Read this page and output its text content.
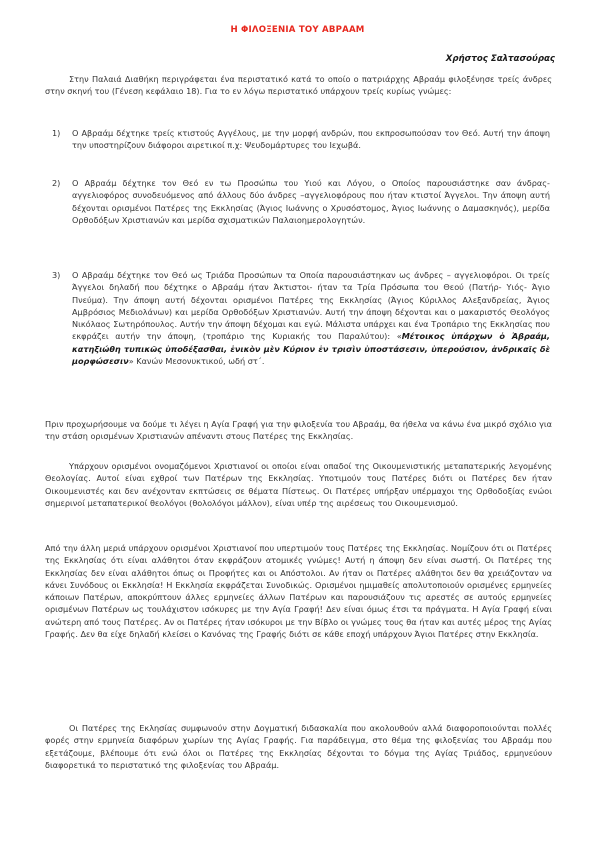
Η ΦΙΛΟΞΕΝΙΑ ΤΟΥ ΑΒΡΑΑΜ
Χρήστος Σαλτασούρας

Στην Παλαιά Διαθήκη περιγράφεται ένα περιστατικό κατά το οποίο ο πατριάρχης Αβραάμ φιλοξένησε τρείς άνδρες στην σκηνή του (Γένεση κεφάλαιο 18). Για το εν λόγω περιστατικό υπάρχουν τρείς κυρίως γνώμες:

1)	Ο Αβραάμ δέχτηκε τρείς κτιστούς Αγγέλους, με την μορφή ανδρών, που εκπροσωπούσαν τον Θεό. Αυτή την άποψη την υποστηρίζουν διάφοροι αιρετικοί π.χ: Ψευδομάρτυρες του Ιεχωβά.

2)	Ο Αβραάμ δέχτηκε τον Θεό εν τω Προσώπω του Υιού και Λόγου, ο Οποίος παρουσιάστηκε σαν άνδρας- αγγελιοφόρος συνοδευόμενος από άλλους δύο άνδρες –αγγελιοφόρους που ήταν κτιστοί Άγγελοι. Την άποψη αυτή δέχονται ορισμένοι Πατέρες της Εκκλησίας (Άγιος Ιωάννης ο Χρυσόστομος, Άγιος Ιωάννης ο Δαμασκηνός), μερίδα Ορθοδόξων Χριστιανών και μερίδα σχισματικών Παλαιοημερολογητών.

3)	Ο Αβραάμ δέχτηκε τον Θεό ως Τριάδα Προσώπων τα Οποία παρουσιάστηκαν ως άνδρες – αγγελιοφόροι. Οι τρείς Άγγελοι δηλαδή που δέχτηκε ο Αβραάμ ήταν Άκτιστοι- ήταν τα Τρία Πρόσωπα του Θεού (Πατήρ- Υιός- Άγιο Πνεύμα). Την άποψη αυτή δέχονται ορισμένοι Πατέρες της Εκκλησίας (Άγιος Κύριλλος Αλεξανδρείας, Άγιος Αμβρόσιος Μεδιολάνων) και μερίδα Ορθοδόξων Χριστιανών. Αυτή την άποψη δέχονται και ο μακαριστός Θεολόγος Νικόλαος Σωτηρόπουλος. Αυτήν την άποψη δέχομαι και εγώ. Μάλιστα υπάρχει και ένα Τροπάριο της Εκκλησίας που εκφράζει αυτήν την άποψη, (τροπάριο της Κυριακής του Παραλύτου): «Μέτοικος ὑπάρχων ὁ Ἀβραάμ, κατηξιώθη τυπικῶς ὑποδέξασθαι, ἑνικὸν μὲν Κύριον ἐν τρισὶν ὑποστάσεσιν, ὑπερούσιον, ἀνδρικαῖς δὲ μορφώσεσιν» Κανών Μεσονυκτικού, ωδή στ΄.

Πριν προχωρήσουμε να δούμε τι λέγει η Αγία Γραφή για την φιλοξενία του Αβραάμ, θα ήθελα να κάνω ένα μικρό σχόλιο για την στάση ορισμένων Χριστιανών απέναντι στους Πατέρες της Εκκλησίας.

Υπάρχουν ορισμένοι ονομαζόμενοι Χριστιανοί οι οποίοι είναι οπαδοί της Οικουμενιστικής μεταπατερικής λεγομένης Θεολογίας. Αυτοί είναι εχθροί των Πατέρων της Εκκλησίας. Υποτιμούν τους Πατέρες διότι οι Πατέρες δεν ήταν Οικουμενιστές και δεν ανέχονταν εκπτώσεις σε θέματα Πίστεως. Οι Πατέρες υπήρξαν υπέρμαχοι της Ορθοδοξίας ενώοι σημερινοί μεταπατερικοί θεολόγοι (θολολόγοι μάλλον), είναι υπέρ της αιρέσεως του Οικουμενισμού.

Από την άλλη μεριά υπάρχουν ορισμένοι Χριστιανοί που υπερτιμούν τους Πατέρες της Εκκλησίας. Νομίζουν ότι οι Πατέρες της Εκκλησίας ότι είναι αλάθητοι όταν εκφράζουν ατομικές γνώμες! Αυτή η άποψη δεν είναι σωστή. Οι Πατέρες της Εκκλησίας δεν είναι αλάθητοι όπως οι Προφήτες και οι Απόστολοι. Αν ήταν οι Πατέρες αλάθητοι δεν θα χρειάζονταν να κάνει Συνόδους οι Εκκλησία! Η Εκκλησία εκφράζεται Συνοδικώς. Ορισμένοι ημιμαθείς απολυτοποιούν ορισμένες ερμηνείες κάποιων Πατέρων, αποκρύπτουν άλλες ερμηνείες άλλων Πατέρων και παρουσιάζουν τις αρεστές σε αυτούς ερμηνείες ορισμένων Πατέρων ως τουλάχιστον ισόκυρες με την Αγία Γραφή! Δεν είναι όμως έτσι τα πράγματα. Η Αγία Γραφή είναι ανώτερη από τους Πατέρες. Αν οι Πατέρες ήταν ισόκυροι με την Βίβλο οι γνώμες τους θα ήταν και αυτές μέρος της Αγίας Γραφής. Δεν θα είχε δηλαδή κλείσει ο Κανόνας της Γραφής διότι σε κάθε εποχή υπάρχουν Άγιοι Πατέρες στην Εκκλησία.

Οι Πατέρες της Εκλησίας συμφωνούν στην Δογματική διδασκαλία που ακολουθούν αλλά διαφοροποιούνται πολλές φορές στην ερμηνεία διαφόρων χωρίων της Αγίας Γραφής. Για παράδειγμα, στο θέμα της φιλοξενίας του Αβραάμ που εξετάζουμε, βλέπουμε ότι ενώ όλοι οι Πατέρες της Εκκλησίας δέχονται το δόγμα της Αγίας Τριάδος, ερμηνεύουν διαφορετικά το περιστατικό της φιλοξενίας του Αβραάμ.
